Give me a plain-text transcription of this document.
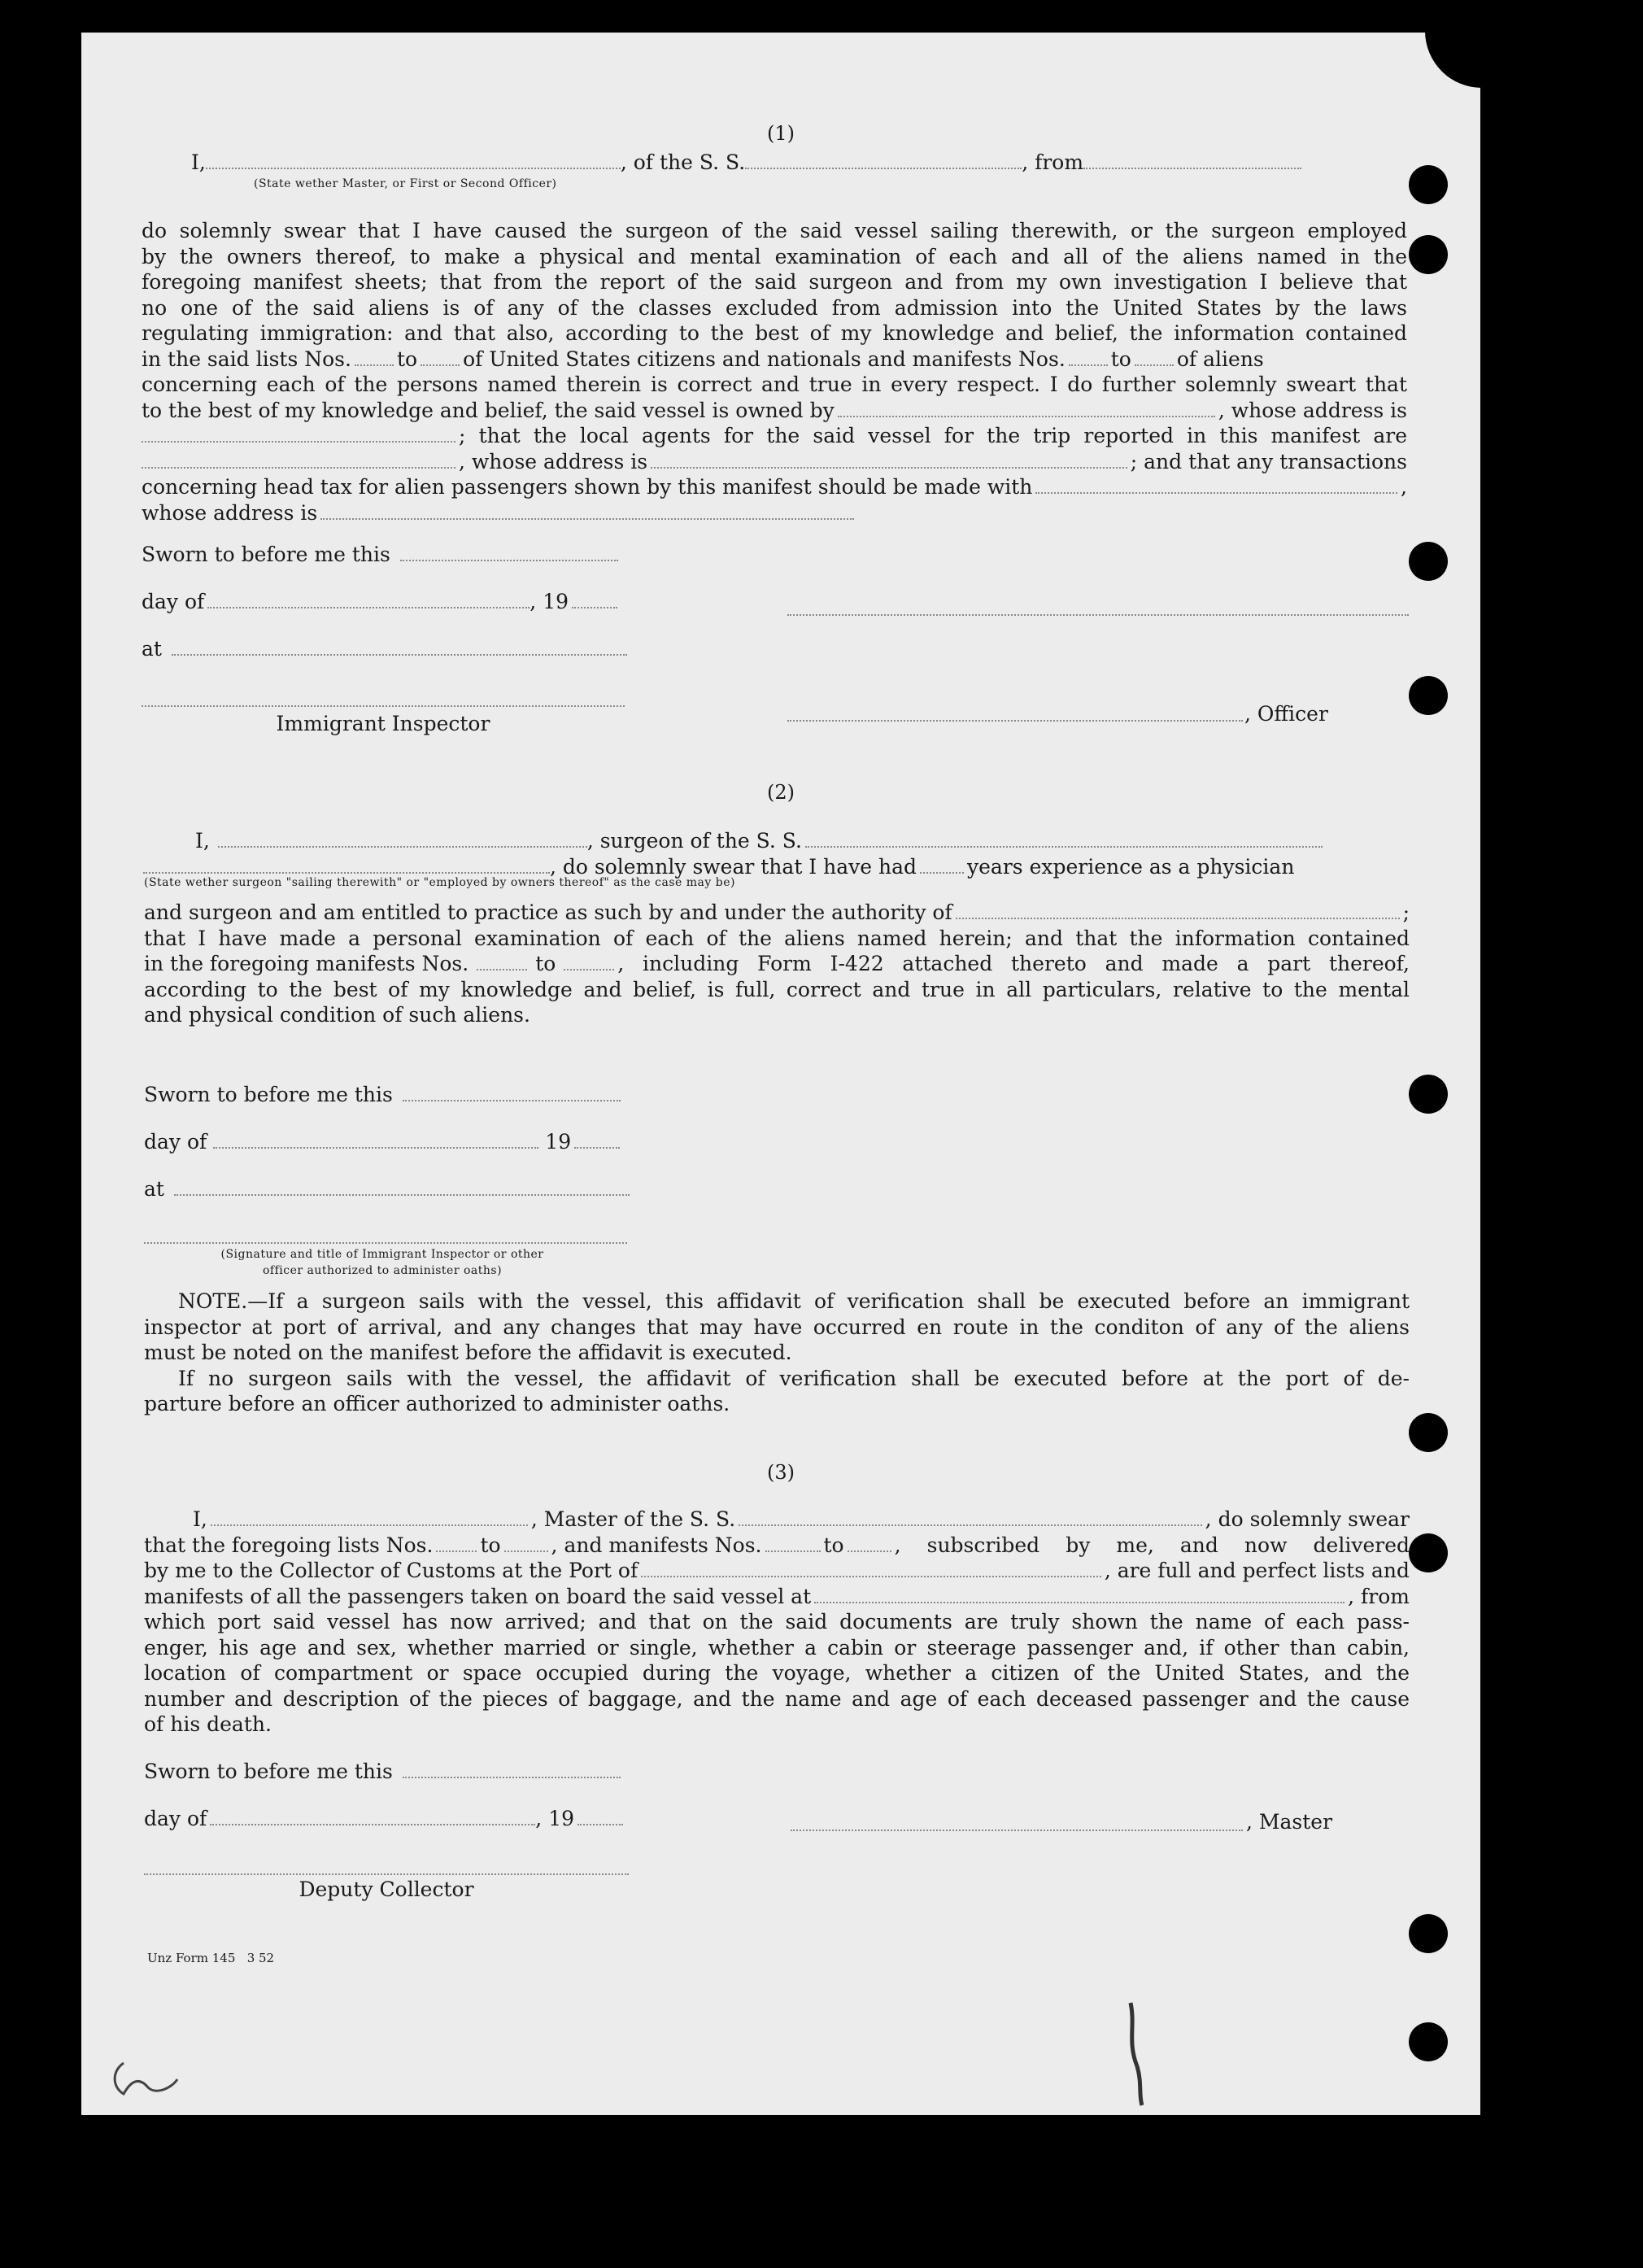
(1)
I,	, of the S. S.	, from
(State wether Master, or First or Second Officer)
do solemnly swear that I have caused the surgeon of the said vessel sailing therewith, or the surgeon employed
by the owners thereof, to make a physical and mental examination of each and all of the aliens named in the
foregoing manifest sheets; that from the report of the said surgeon and from my own investigation I believe that
no one of the said aliens is of any of the classes excluded from admission into the United States by the laws
regulating immigration: and that also, according to the best of my knowledge and belief, the information contained
in the said lists Nos. to of United States citizens and nationals and manifests Nos. to of aliens
concerning each of the persons named therein is correct and true in every respect. I do further solemnly sweart that
to the best of my knowledge and belief, the said vessel is owned by	, whose address is
; that the local agents for the said vessel for the trip reported in this manifest are
, whose address is	; and that any transactions
concerning head tax for alien passengers shown by this manifest should be made with	,
whose address is
Sworn to before me this
day of	, 19
at
Immigrant Inspector	, Officer
(2)
I,	, surgeon of the S. S.
, do solemnly swear that I have had years experience as a physician
(State wether surgeon "sailing therewith" or "employed by owners thereof" as the case may be)
and surgeon and am entitled to practice as such by and under the authority of	;
that I have made a personal examination of each of the aliens named herein; and that the information contained
in the foregoing manifests Nos.	to	, including Form I-422 attached thereto and made a part thereof,
according to the best of my knowledge and belief, is full, correct and true in all particulars, relative to the mental
and physical condition of such aliens.
Sworn to before me this
day of	19
at
(Signature and title of Immigrant Inspector or other
officer authorized to administer oaths)
NOTE.—If a surgeon sails with the vessel, this affidavit of verification shall be executed before an immigrant
inspector at port of arrival, and any changes that may have occurred en route in the conditon of any of the aliens
must be noted on the manifest before the affidavit is executed.
If no surgeon sails with the vessel, the affidavit of verification shall be executed before at the port of de-
parture before an officer authorized to administer oaths.
(3)
I,	, Master of the S. S.	, do solemnly swear
that the foregoing lists Nos. to , and manifests Nos.	to , subscribed by me, and now delivered
by me to the Collector of Customs at the Port of	, are full and perfect lists and
manifests of all the passengers taken on board the said vessel at	, from
which port said vessel has now arrived; and that on the said documents are truly shown the name of each pass-
enger, his age and sex, whether married or single, whether a cabin or steerage passenger and, if other than cabin,
location of compartment or space occupied during the voyage, whether a citizen of the United States, and the
number and description of the pieces of baggage, and the name and age of each deceased passenger and the cause
of his death.
Sworn to before me this
day of	, 19	, Master
Deputy Collector
Unz Form 145   3 52
